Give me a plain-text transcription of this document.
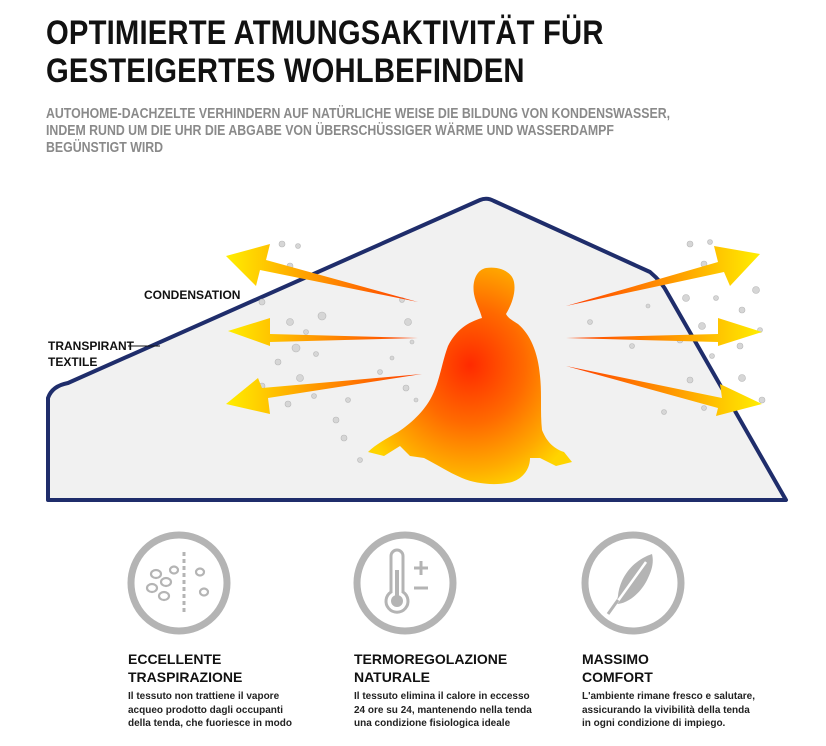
OPTIMIERTE ATMUNGSAKTIVITÄT FÜR
GESTEIGERTES WOHLBEFINDEN

AUTOHOME-DACHZELTE VERHINDERN AUF NATÜRLICHE WEISE DIE BILDUNG VON KONDENSWASSER,
INDEM RUND UM DIE UHR DIE ABGABE VON ÜBERSCHÜSSIGER WÄRME UND WASSERDAMPF
BEGÜNSTIGT WIRD

CONDENSATION
TRANSPIRANT
TEXTILE
ECCELLENTE
TRASPIRAZIONE
Il tessuto non trattiene il vapore
acqueo prodotto dagli occupanti
della tenda, che fuoriesce in modo
TERMOREGOLAZIONE
NATURALE
Il tessuto elimina il calore in eccesso
24 ore su 24, mantenendo nella tenda
una condizione fisiologica ideale
MASSIMO
COMFORT
L'ambiente rimane fresco e salutare,
assicurando la vivibilità della tenda
in ogni condizione di impiego.
